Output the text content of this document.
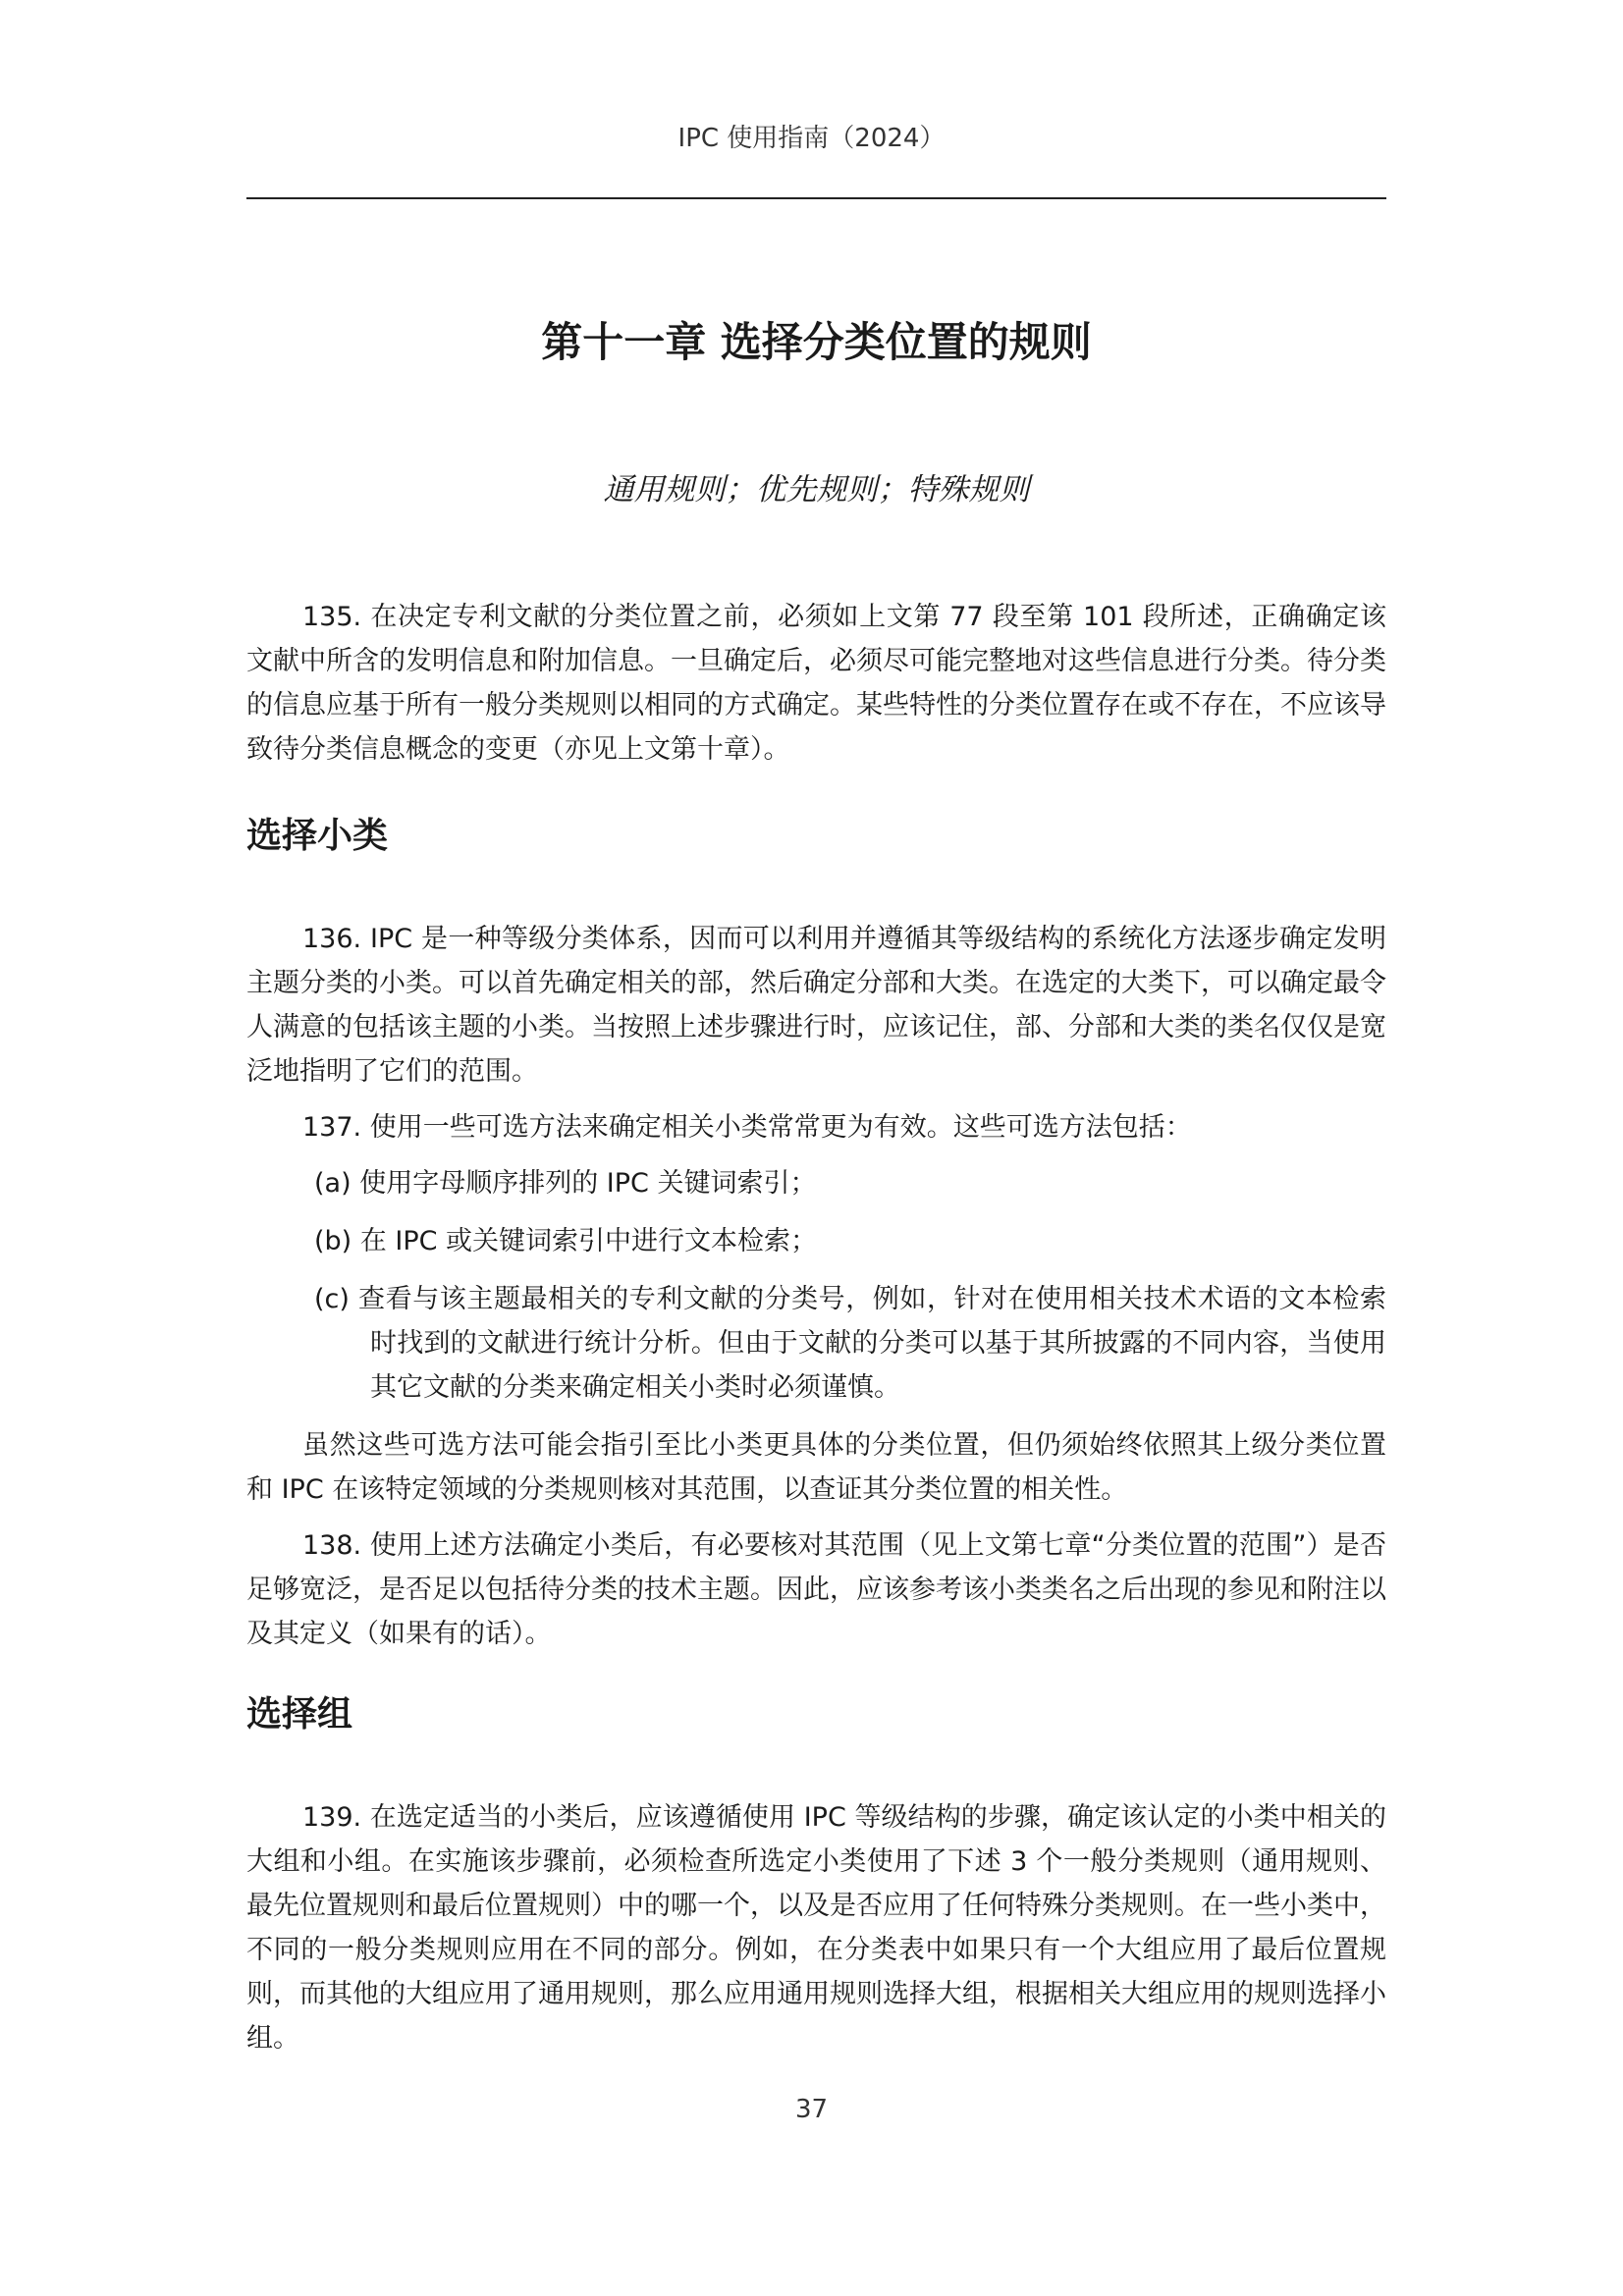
IPC 使用指南（2024）
第十一章 选择分类位置的规则
通用规则；优先规则；特殊规则

135. 在决定专利文献的分类位置之前，必须如上文第 77 段至第 101 段所述，正确确定该文献中所含的发明信息和附加信息。一旦确定后，必须尽可能完整地对这些信息进行分类。待分类的信息应基于所有一般分类规则以相同的方式确定。某些特性的分类位置存在或不存在，不应该导致待分类信息概念的变更（亦见上文第十章）。

选择小类

136. IPC 是一种等级分类体系，因而可以利用并遵循其等级结构的系统化方法逐步确定发明主题分类的小类。可以首先确定相关的部，然后确定分部和大类。在选定的大类下，可以确定最令人满意的包括该主题的小类。当按照上述步骤进行时，应该记住，部、分部和大类的类名仅仅是宽泛地指明了它们的范围。

137. 使用一些可选方法来确定相关小类常常更为有效。这些可选方法包括：

(a) 使用字母顺序排列的 IPC 关键词索引；

(b) 在 IPC 或关键词索引中进行文本检索；

(c) 查看与该主题最相关的专利文献的分类号，例如，针对在使用相关技术术语的文本检索时找到的文献进行统计分析。但由于文献的分类可以基于其所披露的不同内容，当使用其它文献的分类来确定相关小类时必须谨慎。

虽然这些可选方法可能会指引至比小类更具体的分类位置，但仍须始终依照其上级分类位置和 IPC 在该特定领域的分类规则核对其范围，以查证其分类位置的相关性。

138. 使用上述方法确定小类后，有必要核对其范围（见上文第七章“分类位置的范围”）是否足够宽泛，是否足以包括待分类的技术主题。因此，应该参考该小类类名之后出现的参见和附注以及其定义（如果有的话）。

选择组

139. 在选定适当的小类后，应该遵循使用 IPC 等级结构的步骤，确定该认定的小类中相关的大组和小组。在实施该步骤前，必须检查所选定小类使用了下述 3 个一般分类规则（通用规则、最先位置规则和最后位置规则）中的哪一个，以及是否应用了任何特殊分类规则。在一些小类中，不同的一般分类规则应用在不同的部分。例如，在分类表中如果只有一个大组应用了最后位置规则，而其他的大组应用了通用规则，那么应用通用规则选择大组，根据相关大组应用的规则选择小组。

37
